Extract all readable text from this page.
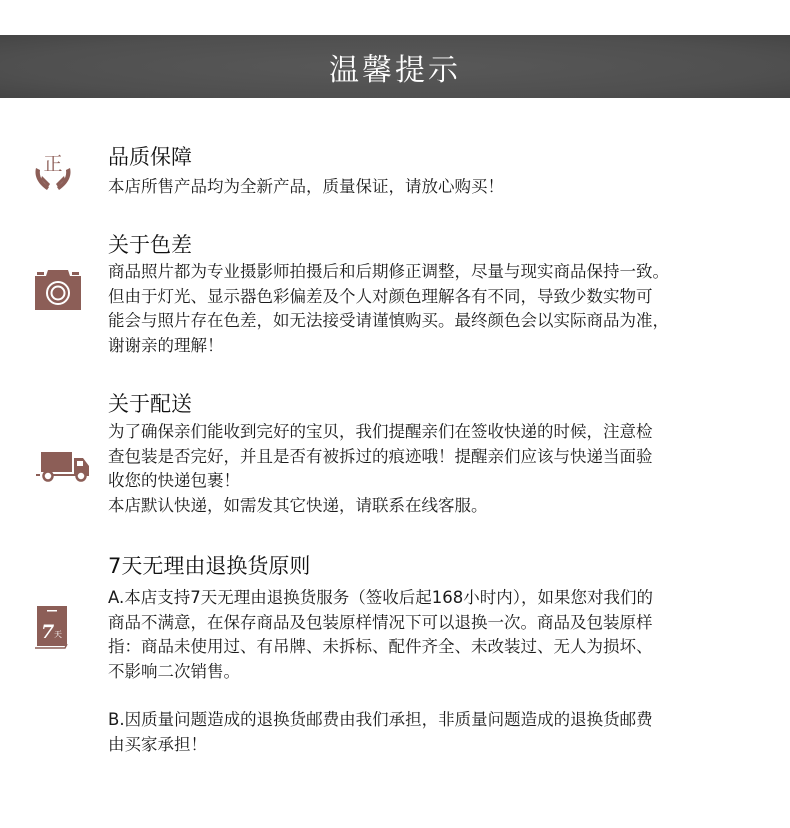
温馨提示
正 品质保障

本店所售产品均为全新产品，质量保证，请放心购买！

关于色差

商品照片都为专业摄影师拍摄后和后期修正调整，尽量与现实商品保持一致。

但由于灯光、显示器色彩偏差及个人对颜色理解各有不同，导致少数实物可

能会与照片存在色差，如无法接受请谨慎购买。最终颜色会以实际商品为准，

谢谢亲的理解！

关于配送

为了确保亲们能收到完好的宝贝，我们提醒亲们在签收快递的时候，注意检

查包装是否完好，并且是否有被拆过的痕迹哦！提醒亲们应该与快递当面验

收您的快递包裹！

本店默认快递，如需发其它快递，请联系在线客服。

7 天
7天无理由退换货原则

A.本店支持7天无理由退换货服务（签收后起168小时内），如果您对我们的

商品不满意，在保存商品及包装原样情况下可以退换一次。商品及包装原样

指：商品未使用过、有吊牌、未拆标、配件齐全、未改装过、无人为损坏、

不影响二次销售。

B.因质量问题造成的退换货邮费由我们承担，非质量问题造成的退换货邮费

由买家承担！
